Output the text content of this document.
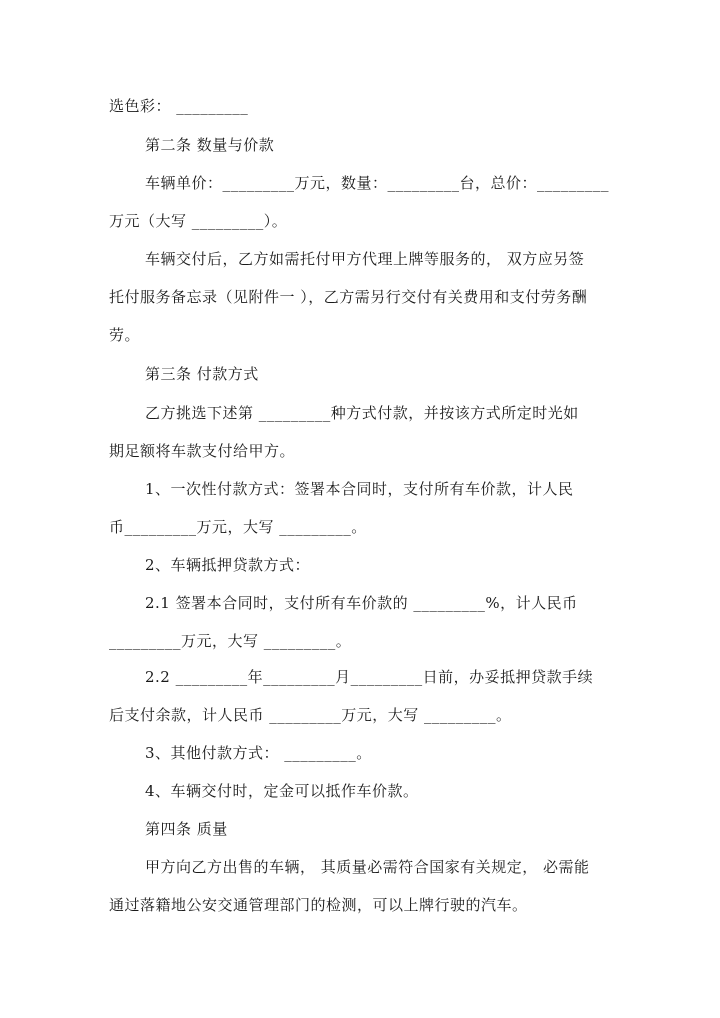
选色彩： _________
第二条 数量与价款
车辆单价：_________万元，数量：_________台，总价：_________
万元（大写 _________）。
车辆交付后，乙方如需托付甲方代理上牌等服务的， 双方应另签
托付服务备忘录（见附件一 ），乙方需另行交付有关费用和支付劳务酬
劳。
第三条 付款方式
乙方挑选下述第 _________种方式付款，并按该方式所定时光如
期足额将车款支付给甲方。
1、一次性付款方式：签署本合同时，支付所有车价款，计人民
币_________万元，大写 _________。
2、车辆抵押贷款方式：
2.1 签署本合同时，支付所有车价款的 _________%，计人民币
_________万元，大写 _________。
2.2 _________年_________月_________日前，办妥抵押贷款手续
后支付余款，计人民币 _________万元，大写 _________。
3、其他付款方式： _________。
4、车辆交付时，定金可以抵作车价款。
第四条 质量
甲方向乙方出售的车辆， 其质量必需符合国家有关规定， 必需能
通过落籍地公安交通管理部门的检测，可以上牌行驶的汽车。
